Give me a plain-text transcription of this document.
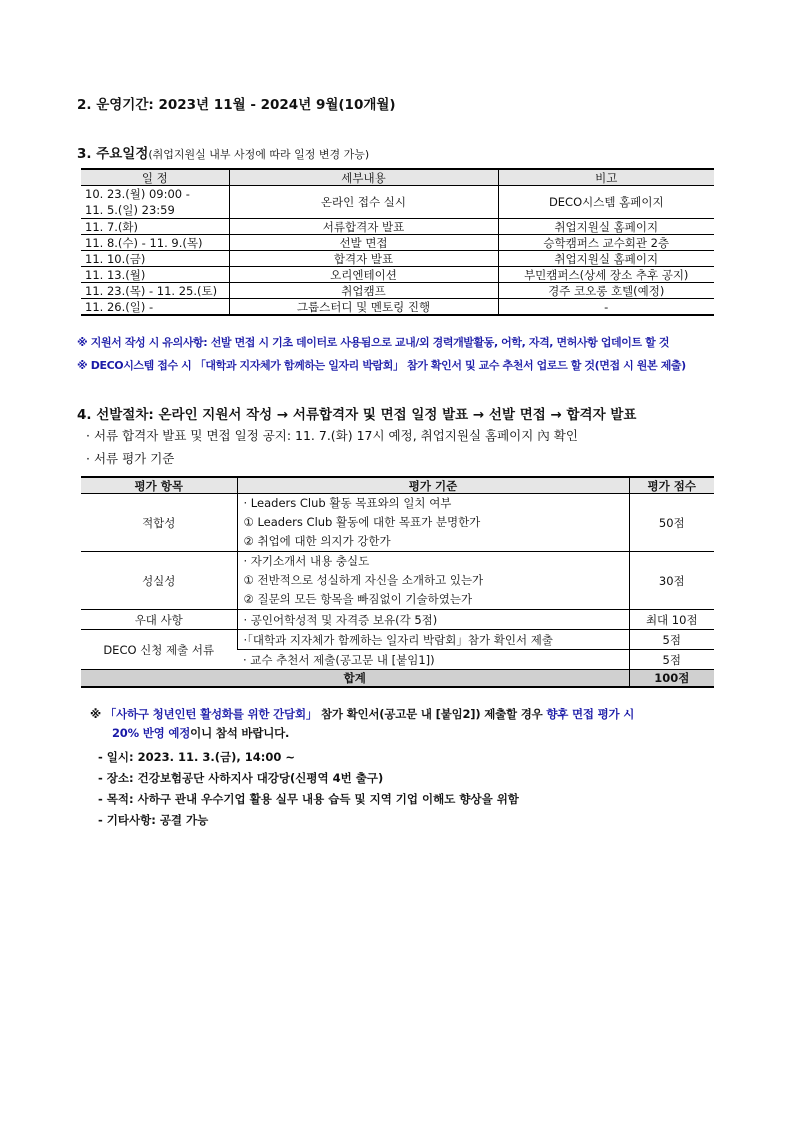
2. 운영기간: 2023년 11월 - 2024년 9월(10개월)
3. 주요일정(취업지원실 내부 사정에 따라 일정 변경 가능)
일 정	세부내용	비고

10. 23.(월) 09:00 -
11. 5.(일) 23:59	온라인 접수 실시	DECO시스템 홈페이지
11. 7.(화)	서류합격자 발표	취업지원실 홈페이지
11. 8.(수) - 11. 9.(목)	선발 면접	승학캠퍼스 교수회관 2층
11. 10.(금)	합격자 발표	취업지원실 홈페이지
11. 13.(월)	오리엔테이션	부민캠퍼스(상세 장소 추후 공지)
11. 23.(목) - 11. 25.(토)	취업캠프	경주 코오롱 호텔(예정)
11. 26.(일) -	그룹스터디 및 멘토링 진행	-
※ 지원서 작성 시 유의사항: 선발 면접 시 기초 데이터로 사용됨으로 교내/외 경력개발활동, 어학, 자격, 면허사항 업데이트 할 것
※ DECO시스템 접수 시 「대학과 지자체가 함께하는 일자리 박람회」 참가 확인서 및 교수 추천서 업로드 할 것(면접 시 원본 제출)
4. 선발절차: 온라인 지원서 작성 → 서류합격자 및 면접 일정 발표 → 선발 면접 → 합격자 발표
· 서류 합격자 발표 및 면접 일정 공지: 11. 7.(화) 17시 예정, 취업지원실 홈페이지 內 확인
· 서류 평가 기준
평가 항목	평가 기준	평가 점수
적합성	· Leaders Club 활동 목표와의 일치 여부
① Leaders Club 활동에 대한 목표가 분명한가
② 취업에 대한 의지가 강한가	50점
성실성	· 자기소개서 내용 충실도
① 전반적으로 성실하게 자신을 소개하고 있는가
② 질문의 모든 항목을 빠짐없이 기술하였는가	30점
우대 사항	· 공인어학성적 및 자격증 보유(각 5점)	최대 10점
DECO 신청 제출 서류	·「대학과 지자체가 함께하는 일자리 박람회」참가 확인서 제출	5점
	· 교수 추천서 제출(공고문 내 [붙임1])	5점
합계		100점
※ 「사하구 청년인턴 활성화를 위한 간담회」 참가 확인서(공고문 내 [붙임2]) 제출할 경우 향후 면접 평가 시
20% 반영 예정이니 참석 바랍니다.
- 일시: 2023. 11. 3.(금), 14:00 ~
- 장소: 건강보험공단 사하지사 대강당(신평역 4번 출구)
- 목적: 사하구 관내 우수기업 활용 실무 내용 습득 및 지역 기업 이해도 향상을 위함
- 기타사항: 공결 가능
